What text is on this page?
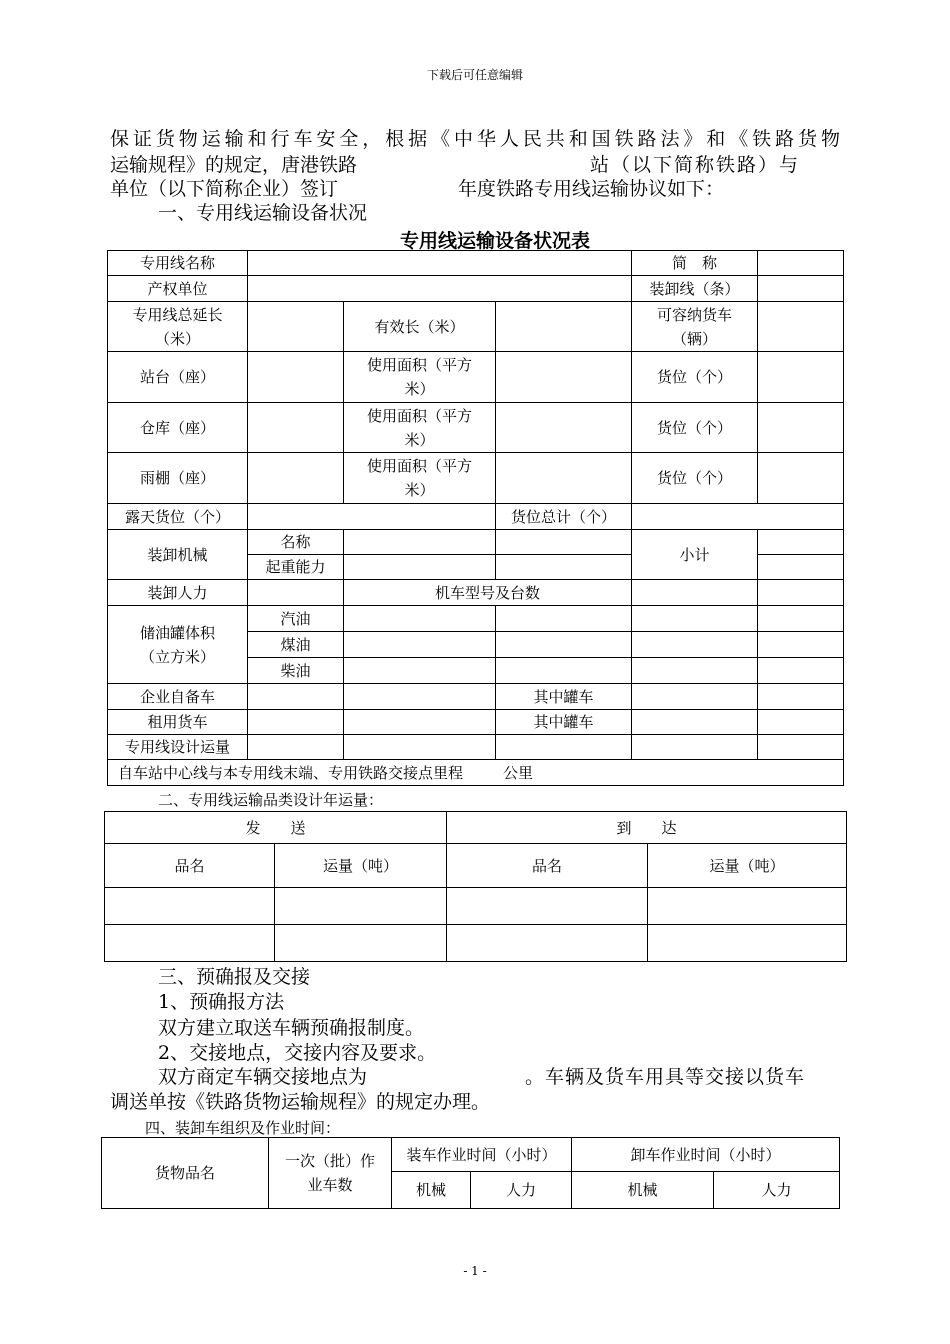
下载后可任意编辑
保证货物运输和行车安全，根据《中华人民共和国铁路法》和《铁路货物
运输规程》的规定，唐港铁路	站（以下简称铁路）与
单位（以下简称企业）签订	年度铁路专用线运输协议如下：
一、专用线运输设备状况
专用线运输设备状况表
专用线名称				简　称	
产权单位				装卸线（条）	
专用线总延长
（米）		有效长（米）		可容纳货车
（辆）	
站台（座）		使用面积（平方
米）		货位（个）	
仓库（座）		使用面积（平方
米）		货位（个）	
雨棚（座）		使用面积（平方
米）		货位（个）	
露天货位（个）			货位总计（个）		
装卸机械	名称			小计	
	起重能力				
装卸人力		机车型号及台数			
储油罐体积
（立方米）	汽油				
	煤油				
	柴油				
企业自备车			其中罐车		
租用货车			其中罐车		
专用线设计运量					
自车站中心线与本专用线末端、专用铁路交接点里程 公里					
二、专用线运输品类设计年运量：
发　　送		到　　达	
品名	运量（吨）	品名	运量（吨）

三、预确报及交接
1、预确报方法
双方建立取送车辆预确报制度。
2、交接地点，交接内容及要求。
双方商定车辆交接地点为	。车辆及货车用具等交接以货车
调送单按《铁路货物运输规程》的规定办理。
四、装卸车组织及作业时间：
货物品名	一次（批）作
业车数	装车作业时间（小时）		卸车作业时间（小时）	
		机械	人力	机械	人力
- 1 -
